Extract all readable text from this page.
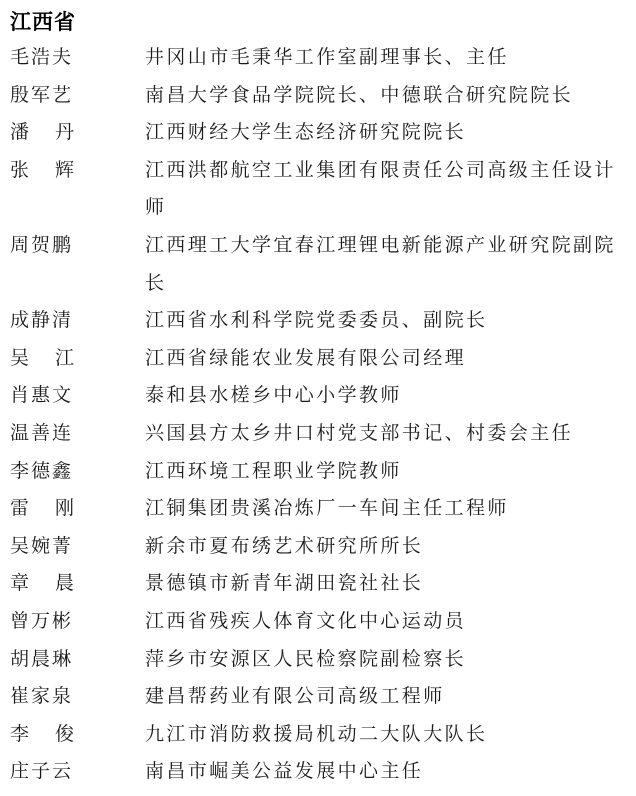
江西省
毛浩夫	井冈山市毛秉华工作室副理事长、主任
殷军艺	南昌大学食品学院院长、中德联合研究院院长
潘丹	江西财经大学生态经济研究院院长
张辉	江西洪都航空工业集团有限责任公司高级主任设计师
周贺鹏	江西理工大学宜春江理锂电新能源产业研究院副院长
成静清	江西省水利科学院党委委员、副院长
吴江	江西省绿能农业发展有限公司经理
肖惠文	泰和县水槎乡中心小学教师
温善连	兴国县方太乡井口村党支部书记、村委会主任
李德鑫	江西环境工程职业学院教师
雷刚	江铜集团贵溪冶炼厂一车间主任工程师
吴婉菁	新余市夏布绣艺术研究所所长
章晨	景德镇市新青年湖田瓷社社长
曾万彬	江西省残疾人体育文化中心运动员
胡晨琳	萍乡市安源区人民检察院副检察长
崔家泉	建昌帮药业有限公司高级工程师
李俊	九江市消防救援局机动二大队大队长
庄子云	南昌市崛美公益发展中心主任
